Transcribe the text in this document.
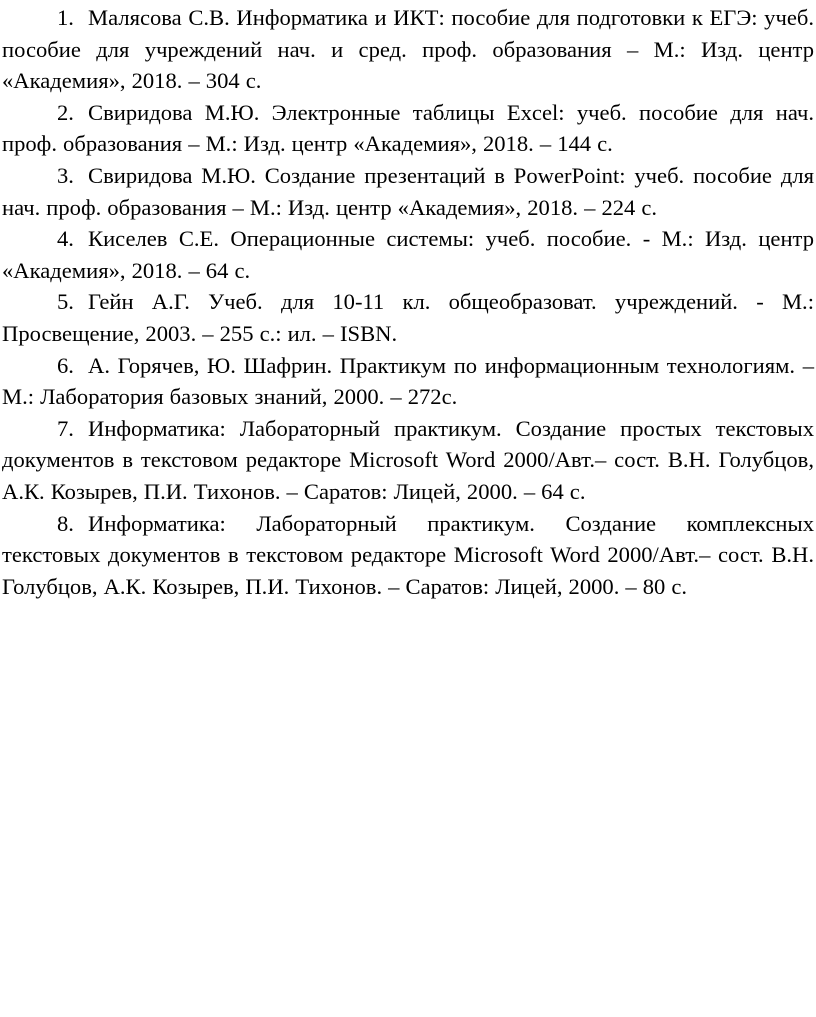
1. Малясова С.В. Информатика и ИКТ: пособие для подготовки к ЕГЭ: учеб. пособие для учреждений нач. и сред. проф. образования – М.: Изд. центр «Академия», 2018. – 304 с.
2. Свиридова М.Ю. Электронные таблицы Excel: учеб. пособие для нач. проф. образования – М.: Изд. центр «Академия», 2018. – 144 с.
3. Свиридова М.Ю. Создание презентаций в PowerPoint: учеб. пособие для нач. проф. образования – М.: Изд. центр «Академия», 2018. – 224 с.
4. Киселев С.Е. Операционные системы: учеб. пособие. - М.: Изд. центр «Академия», 2018. – 64 с.
5. Гейн А.Г. Учеб. для 10-11 кл. общеобразоват. учреждений. - М.: Просвещение, 2003. – 255 с.: ил. – ISBN.
6. А. Горячев, Ю. Шафрин. Практикум по информационным технологиям. – М.: Лаборатория базовых знаний, 2000. – 272с.
7. Информатика: Лабораторный практикум. Создание простых текстовых документов в текстовом редакторе Microsoft Word 2000/Авт.– сост. В.Н. Голубцов, А.К. Козырев, П.И. Тихонов. – Саратов: Лицей, 2000. – 64 с.
8. Информатика: Лабораторный практикум. Создание комплексных текстовых документов в текстовом редакторе Microsoft Word 2000/Авт.– сост. В.Н. Голубцов, А.К. Козырев, П.И. Тихонов. – Саратов: Лицей, 2000. – 80 с.
